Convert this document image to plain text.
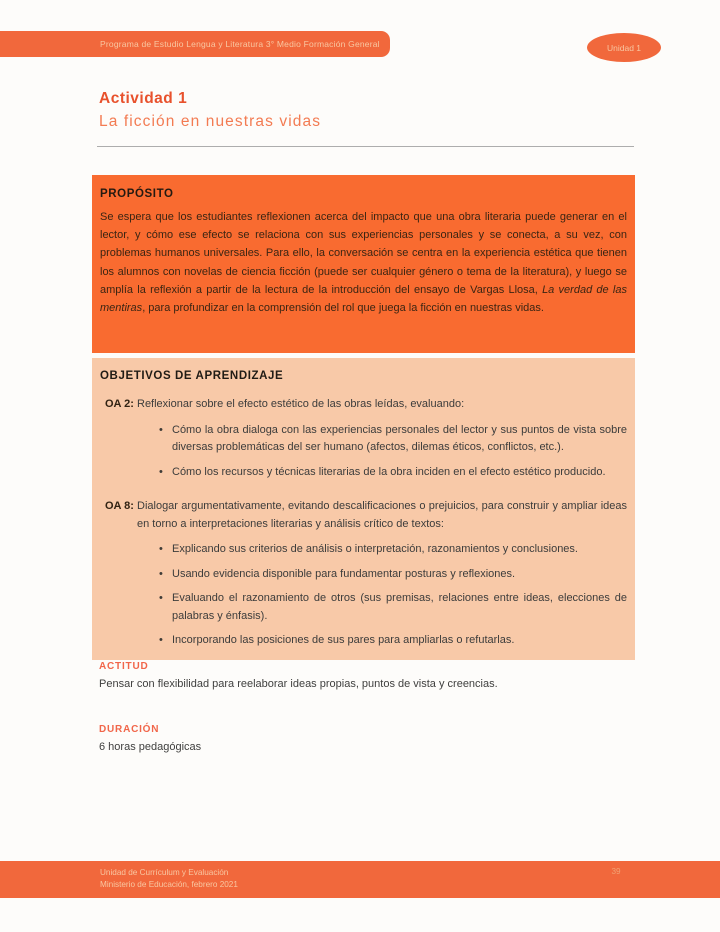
Programa de Estudio Lengua y Literatura 3° Medio Formación General	Unidad 1
Actividad 1
La ficción en nuestras vidas
PROPÓSITO

Se espera que los estudiantes reflexionen acerca del impacto que una obra literaria puede generar en el lector, y cómo ese efecto se relaciona con sus experiencias personales y se conecta, a su vez, con problemas humanos universales. Para ello, la conversación se centra en la experiencia estética que tienen los alumnos con novelas de ciencia ficción (puede ser cualquier género o tema de la literatura), y luego se amplía la reflexión a partir de la lectura de la introducción del ensayo de Vargas Llosa, La verdad de las mentiras, para profundizar en la comprensión del rol que juega la ficción en nuestras vidas.

OBJETIVOS DE APRENDIZAJE
OA 2: Reflexionar sobre el efecto estético de las obras leídas, evaluando:
• Cómo la obra dialoga con las experiencias personales del lector y sus puntos de vista sobre diversas problemáticas del ser humano (afectos, dilemas éticos, conflictos, etc.).
• Cómo los recursos y técnicas literarias de la obra inciden en el efecto estético producido.
OA 8: Dialogar argumentativamente, evitando descalificaciones o prejuicios, para construir y ampliar ideas en torno a interpretaciones literarias y análisis crítico de textos:
• Explicando sus criterios de análisis o interpretación, razonamientos y conclusiones.
• Usando evidencia disponible para fundamentar posturas y reflexiones.
• Evaluando el razonamiento de otros (sus premisas, relaciones entre ideas, elecciones de palabras y énfasis).
• Incorporando las posiciones de sus pares para ampliarlas o refutarlas.
ACTITUD

Pensar con flexibilidad para reelaborar ideas propias, puntos de vista y creencias.

DURACIÓN

6 horas pedagógicas

Unidad de Currículum y Evaluación
Ministerio de Educación, febrero 2021
39
